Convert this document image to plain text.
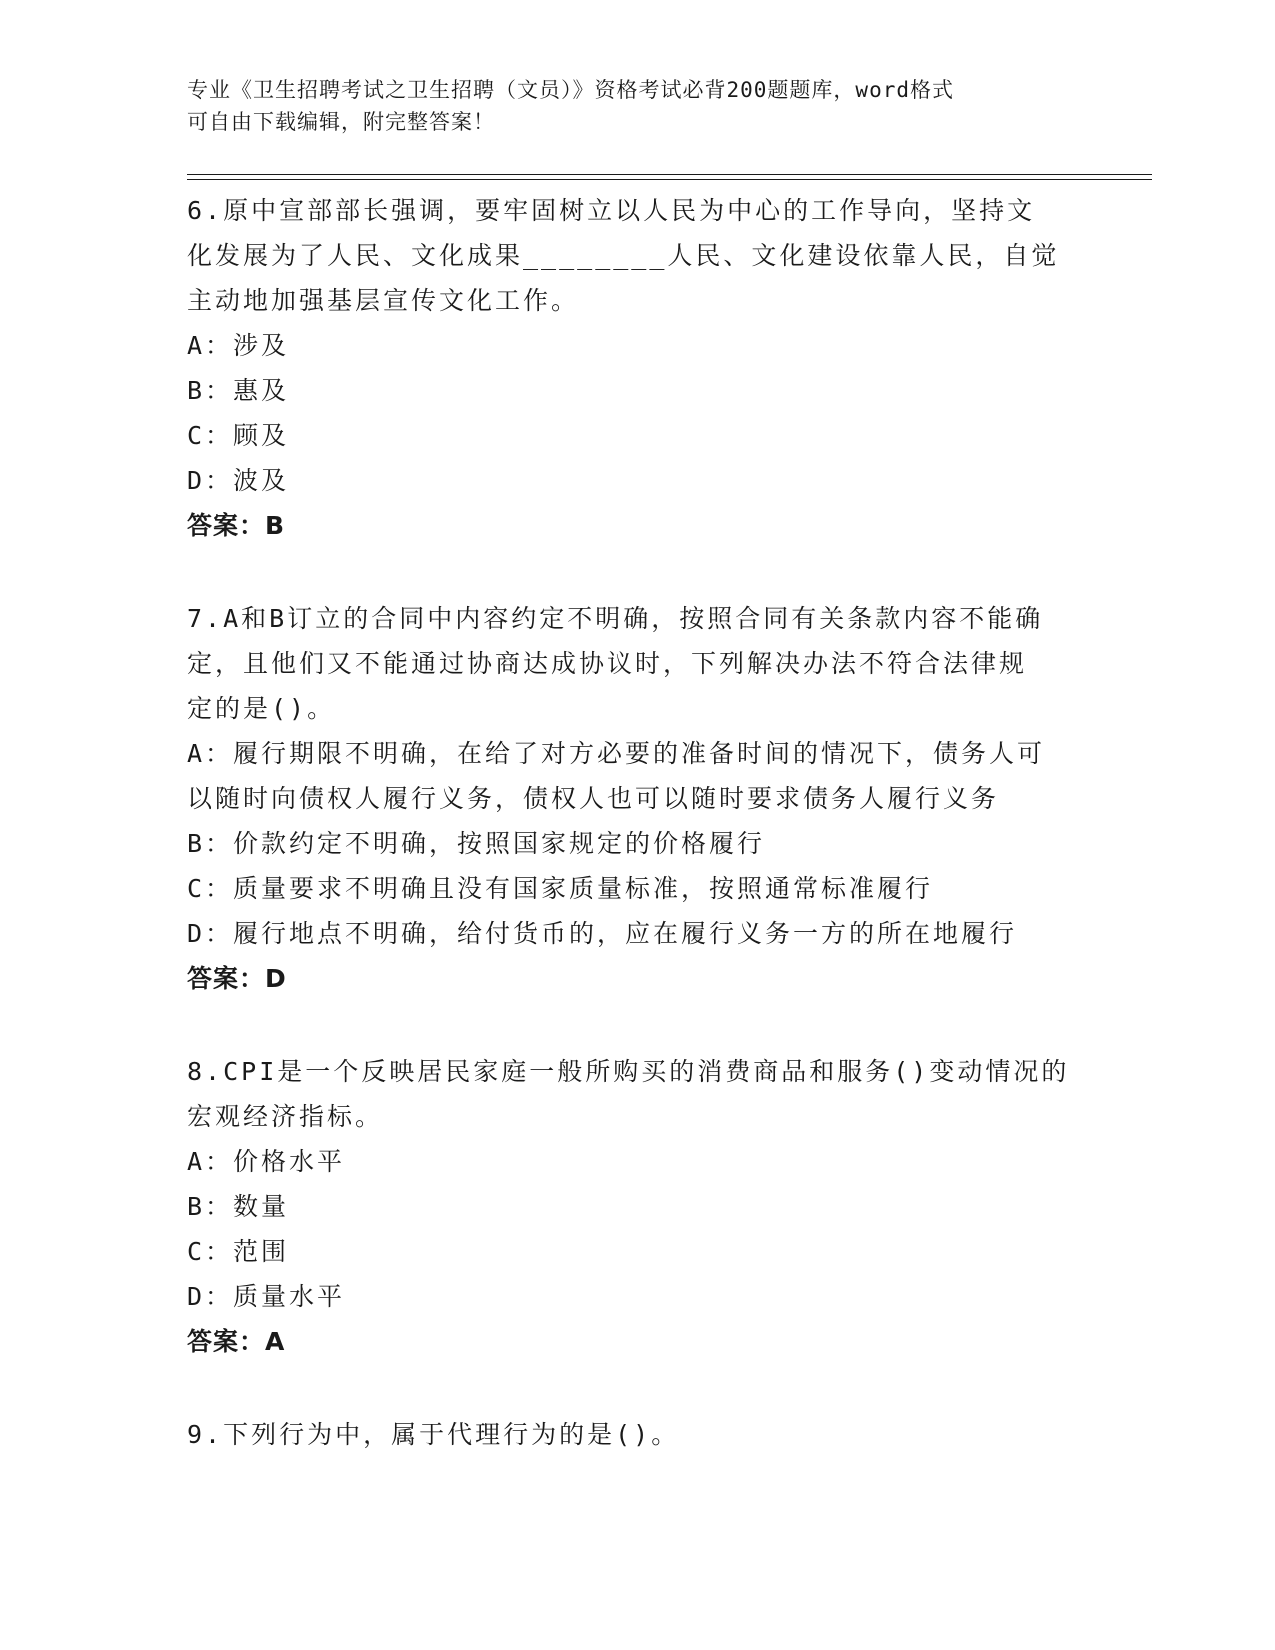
专业《卫生招聘考试之卫生招聘（文员）》资格考试必背200题题库，word格式
可自由下载编辑，附完整答案！
6.原中宣部部长强调，要牢固树立以人民为中心的工作导向，坚持文
化发展为了人民、文化成果________人民、文化建设依靠人民，自觉
主动地加强基层宣传文化工作。
A：涉及
B：惠及
C：顾及
D：波及
答案：B
7.A和B订立的合同中内容约定不明确，按照合同有关条款内容不能确
定，且他们又不能通过协商达成协议时，下列解决办法不符合法律规
定的是()。
A：履行期限不明确，在给了对方必要的准备时间的情况下，债务人可
以随时向债权人履行义务，债权人也可以随时要求债务人履行义务
B：价款约定不明确，按照国家规定的价格履行
C：质量要求不明确且没有国家质量标准，按照通常标准履行
D：履行地点不明确，给付货币的，应在履行义务一方的所在地履行
答案：D
8.CPI是一个反映居民家庭一般所购买的消费商品和服务()变动情况的
宏观经济指标。
A：价格水平
B：数量
C：范围
D：质量水平
答案：A
9.下列行为中，属于代理行为的是()。
